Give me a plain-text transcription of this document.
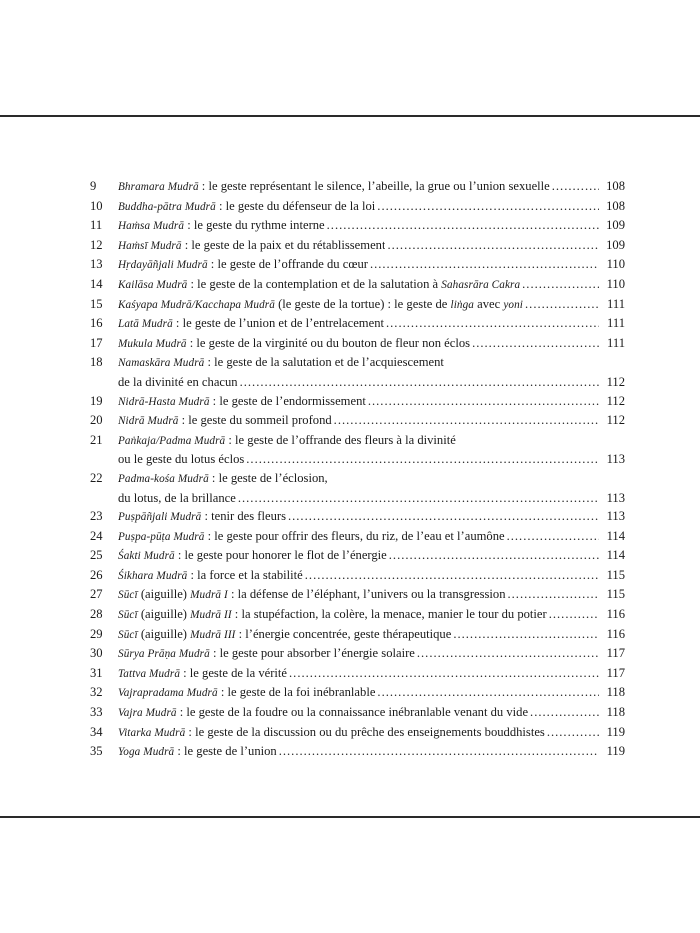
9	Bhramara Mudrā : le geste représentant le silence, l’abeille, la grue ou l’union sexuelle .....	108
10	Buddha-pātra Mudrā : le geste du défenseur de la loi .....	108
11	Haṁsa Mudrā : le geste du rythme interne .....	109
12	Haṁsī Mudrā : le geste de la paix et du rétablissement .....	109
13	Hṛdayāñjali Mudrā : le geste de l’offrande du cœur .....	110
14	Kailāsa Mudrā : le geste de la contemplation et de la salutation à Sahasrāra Cakra .....	110
15	Kaśyapa Mudrā/Kacchapa Mudrā (le geste de la tortue) : le geste de liṅga avec yoni .....	111
16	Latā Mudrā : le geste de l’union et de l’entrelacement .....	111
17	Mukula Mudrā : le geste de la virginité ou du bouton de fleur non éclos .....	111
18	Namaskāra Mudrā : le geste de la salutation et de l’acquiescement
de la divinité en chacun .....	112
19	Nidrā-Hasta Mudrā : le geste de l’endormissement .....	112
20	Nidrā Mudrā : le geste du sommeil profond .....	112
21	Paṅkaja/Padma Mudrā : le geste de l’offrande des fleurs à la divinité
ou le geste du lotus éclos .....	113
22	Padma-kośa Mudrā : le geste de l’éclosion,
du lotus, de la brillance .....	113
23	Puṣpāñjali Mudrā : tenir des fleurs .....	113
24	Puṣpa-pūṭa Mudrā : le geste pour offrir des fleurs, du riz, de l’eau et l’aumône .....	114
25	Śakti Mudrā : le geste pour honorer le flot de l’énergie .....	114
26	Śikhara Mudrā : la force et la stabilité .....	115
27	Sūcī (aiguille) Mudrā I : la défense de l’éléphant, l’univers ou la transgression .....	115
28	Sūcī (aiguille) Mudrā II : la stupéfaction, la colère, la menace, manier le tour du potier .....	116
29	Sūcī (aiguille) Mudrā III : l’énergie concentrée, geste thérapeutique .....	116
30	Sūrya Prāṇa Mudrā : le geste pour absorber l’énergie solaire .....	117
31	Tattva Mudrā : le geste de la vérité .....	117
32	Vajrapradama Mudrā : le geste de la foi inébranlable .....	118
33	Vajra Mudrā : le geste de la foudre ou la connaissance inébranlable venant du vide .....	118
34	Vitarka Mudrā : le geste de la discussion ou du prêche des enseignements bouddhistes .....	119
35	Yoga Mudrā : le geste de l’union .....	119
